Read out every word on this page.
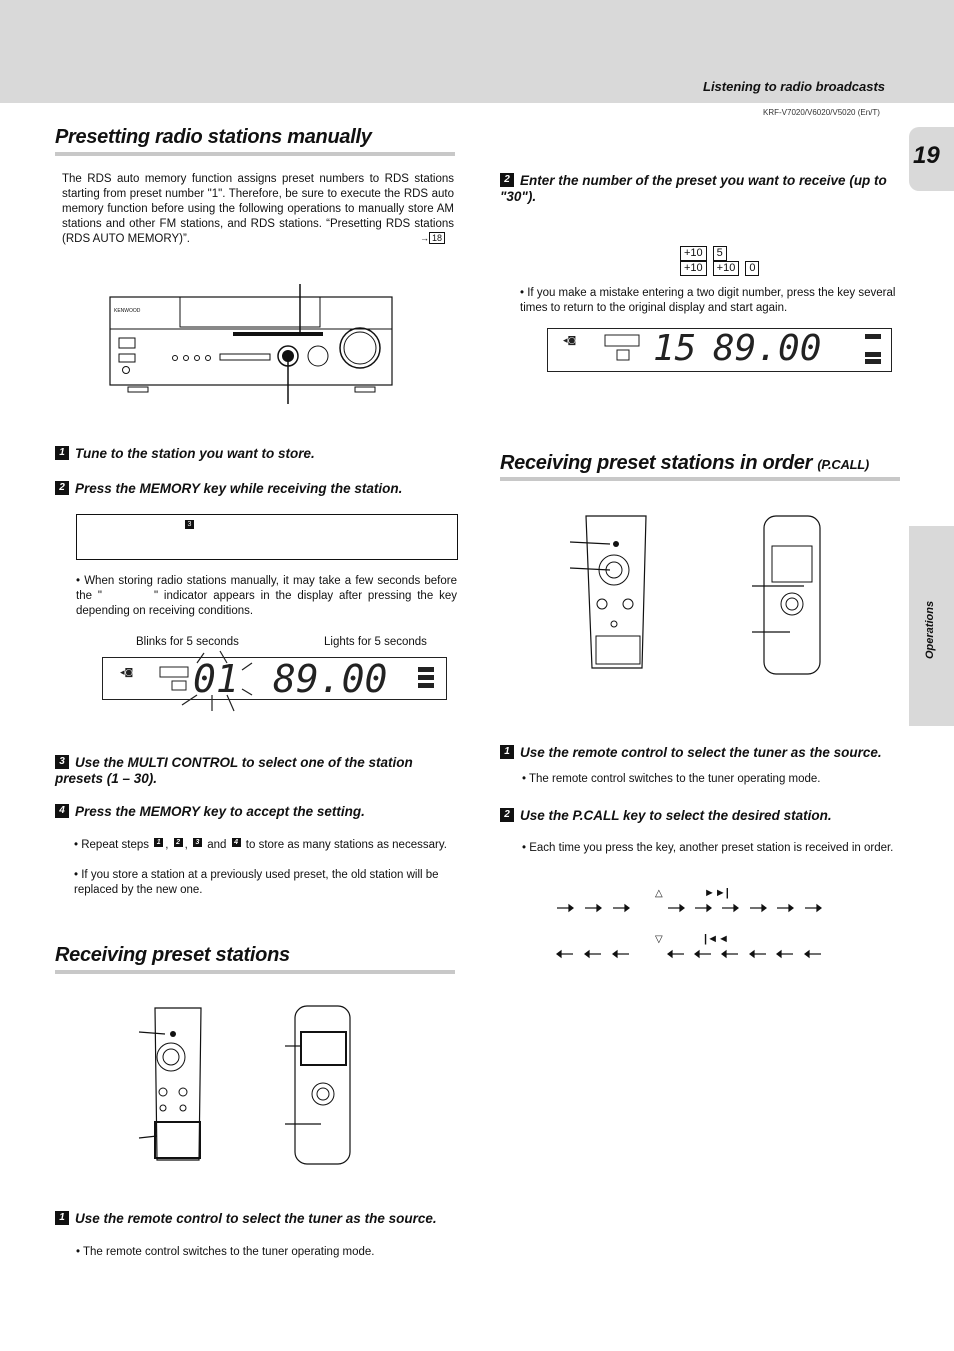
Listening to radio broadcasts
KRF-V7020/V6020/V5020 (En/T)
19
Operations
Presetting radio stations manually
The RDS auto memory function assigns preset numbers to RDS stations starting from preset number "1". Therefore, be sure to execute the RDS auto memory function before using the following operations to manually store AM stations and other FM stations, and RDS stations. “Presetting RDS stations (RDS AUTO MEMORY)”.	→ 18
KENWOOD
1 Tune to the station you want to store.
2 Press the MEMORY key while receiving the station.
3
• When storing radio stations manually, it may take a few seconds before the "	" indicator appears in the display after pressing the key depending on receiving conditions.
Blinks for 5 seconds	Lights for 5 seconds
◂◙ 01 89.00
3 Use the MULTI CONTROL to select one of the station presets (1 – 30).
4 Press the MEMORY key to accept the setting.
• Repeat steps 1 , 2 , 3 and 4 to store as many stations as necessary.
• If you store a station at a previously used preset, the old station will be replaced by the new one.
Receiving preset stations
1 Use the remote control to select the tuner as the source.
• The remote control switches to the tuner operating mode.
2 Enter the number of the preset you want to receive (up to "30").
+10 5
+10 +10 0
• If you make a mistake entering a two digit number, press the key several times to return to the original display and start again.
◂◙ 15 89.00
Receiving preset stations in order (P.CALL)
1 Use the remote control to select the tuner as the source.
• The remote control switches to the tuner operating mode.
2 Use the P.CALL key to select the desired station.
• Each time you press the key, another preset station is received in order.
△	►►|
▽	|◄◄
